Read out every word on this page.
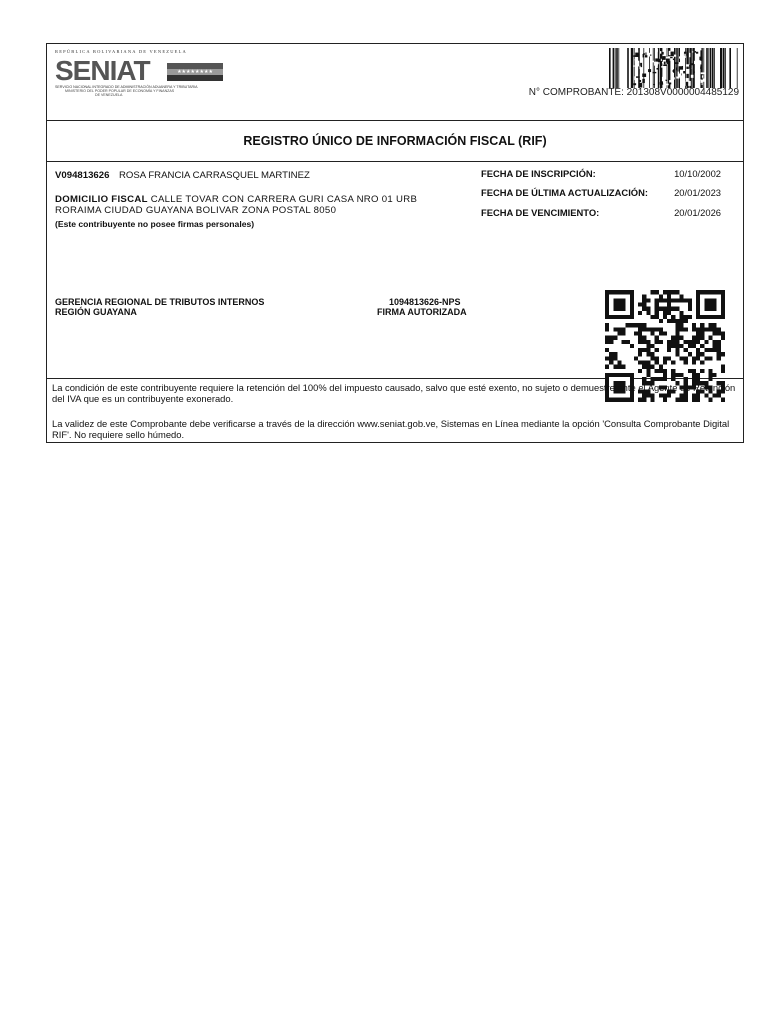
REPÚBLICA BOLIVARIANA DE VENEZUELA
SENIAT	★★★★★★★★
SERVICIO NACIONAL INTEGRADO DE ADMINISTRACIÓN ADUANERA Y TRIBUTARIA
MINISTERIO DEL PODER POPULAR DE ECONOMÍA Y FINANZAS
DE VENEZUELA	N° COMPROBANTE: 201308V0000004485129
REGISTRO ÚNICO DE INFORMACIÓN FISCAL (RIF)
V094813626 ROSA FRANCIA CARRASQUEL MARTINEZ
DOMICILIO FISCAL CALLE TOVAR CON CARRERA GURI CASA NRO 01 URB
RORAIMA CIUDAD GUAYANA BOLIVAR ZONA POSTAL 8050
(Este contribuyente no posee firmas personales)
FECHA DE INSCRIPCIÓN:	10/10/2002
FECHA DE ÚLTIMA ACTUALIZACIÓN:	20/01/2023
FECHA DE VENCIMIENTO:	20/01/2026
GERENCIA REGIONAL DE TRIBUTOS INTERNOS
REGIÓN GUAYANA
1094813626-NPS
FIRMA AUTORIZADA
La condición de este contribuyente requiere la retención del 100% del impuesto causado, salvo que esté exento, no sujeto o demuestre ante el Agente de Retención del IVA que es un contribuyente exonerado.
La validez de este Comprobante debe verificarse a través de la dirección www.seniat.gob.ve, Sistemas en Línea mediante la opción 'Consulta Comprobante Digital RIF'. No requiere sello húmedo.
